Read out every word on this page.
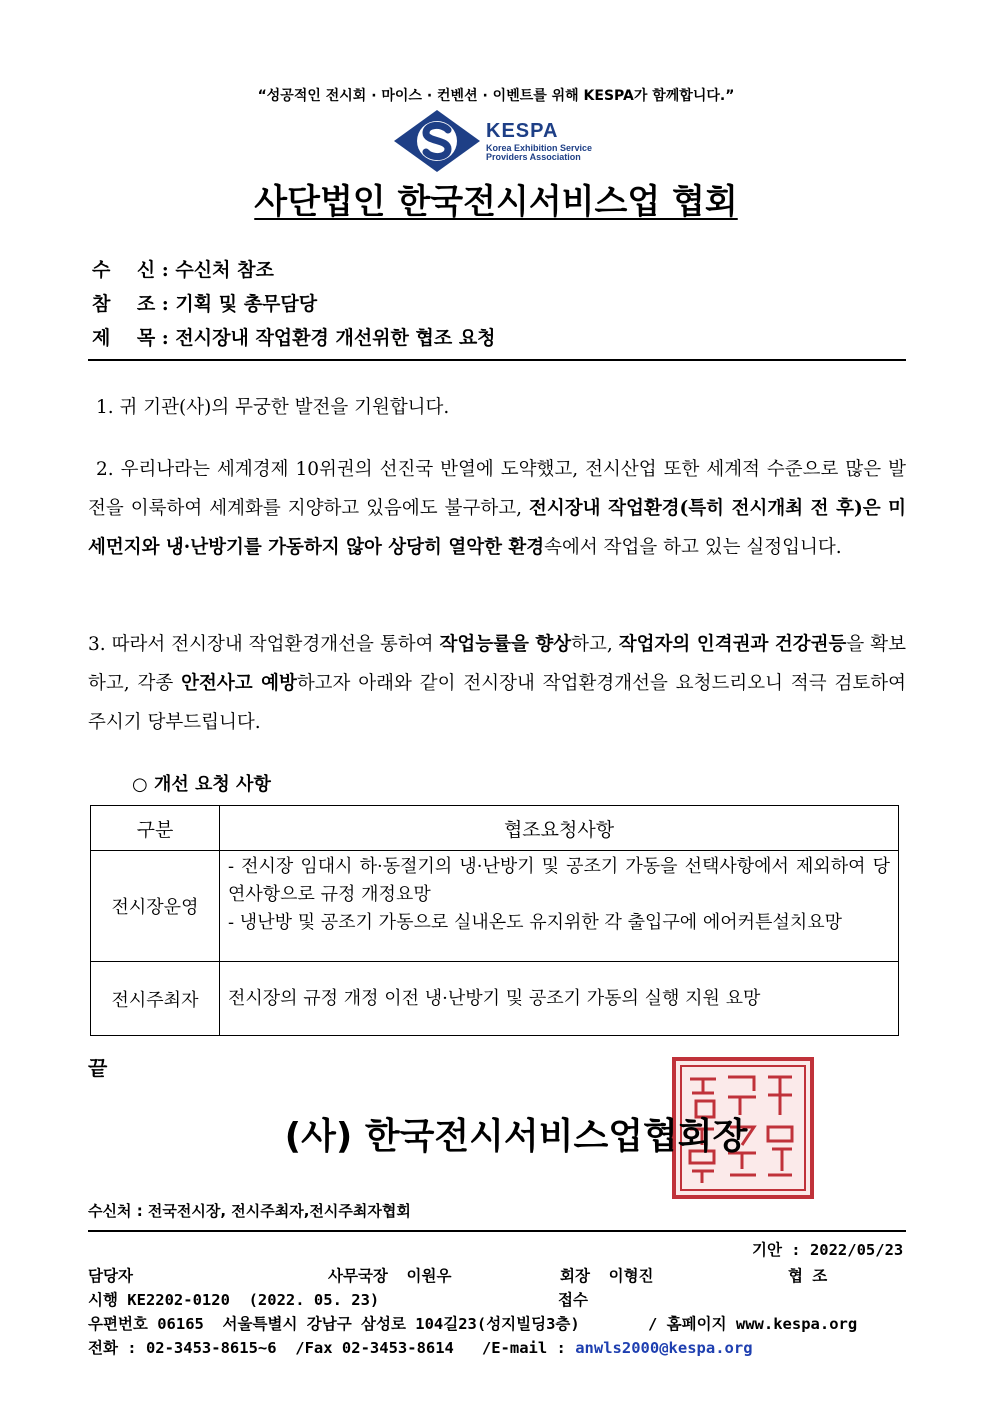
“성공적인 전시회 · 마이스 · 컨벤션 · 이벤트를 위해 KESPA가 함께합니다.”
KESPA
Korea Exhibition Service
Providers Association
사단법인 한국전시서비스업 협회
수    신 : 수신처 참조
참    조 : 기획 및 총무담당
제    목 : 전시장내 작업환경 개선위한 협조 요청
1. 귀 기관(사)의 무궁한 발전을 기원합니다.
2. 우리나라는 세계경제 10위권의 선진국 반열에 도약했고, 전시산업 또한 세계적 수준으로 많은 발전을 이룩하여 세계화를 지양하고 있음에도 불구하고, 전시장내 작업환경(특히 전시개최 전 후)은 미세먼지와 냉·난방기를 가동하지 않아 상당히 열악한 환경속에서 작업을 하고 있는 실정입니다.
3. 따라서 전시장내 작업환경개선을 통하여 작업능률을 향상하고, 작업자의 인격권과 건강권등을 확보하고, 각종 안전사고 예방하고자 아래와 같이 전시장내 작업환경개선을 요청드리오니 적극 검토하여 주시기 당부드립니다.
○ 개선 요청 사항
구분	협조요청사항
전시장운영	- 전시장 임대시 하·동절기의 냉·난방기 및 공조기 가동을 선택사항에서 제외하여 당연사항으로 규정 개정요망
- 냉난방 및 공조기 가동으로 실내온도 유지위한 각 출입구에 에어커튼설치요망

전시주최자	전시장의 규정 개정 이전 냉·난방기 및 공조기 가동의 실행 지원 요망
끝
(사) 한국전시서비스업협회장
수신처 : 전국전시장, 전시주최자,전시주최자협회
기안 : 2022/05/23
담당자	사무국장  이원우	회장  이형진	협 조
시행 KE2202-0120  (2022. 05. 23)	접수
우편번호 06165  서울특별시 강남구 삼성로 104길23(성지빌딩3층)	/ 홈페이지 www.kespa.org
전화 : 02-3453-8615~6  /Fax 02-3453-8614   /E-mail : anwls2000@kespa.org
